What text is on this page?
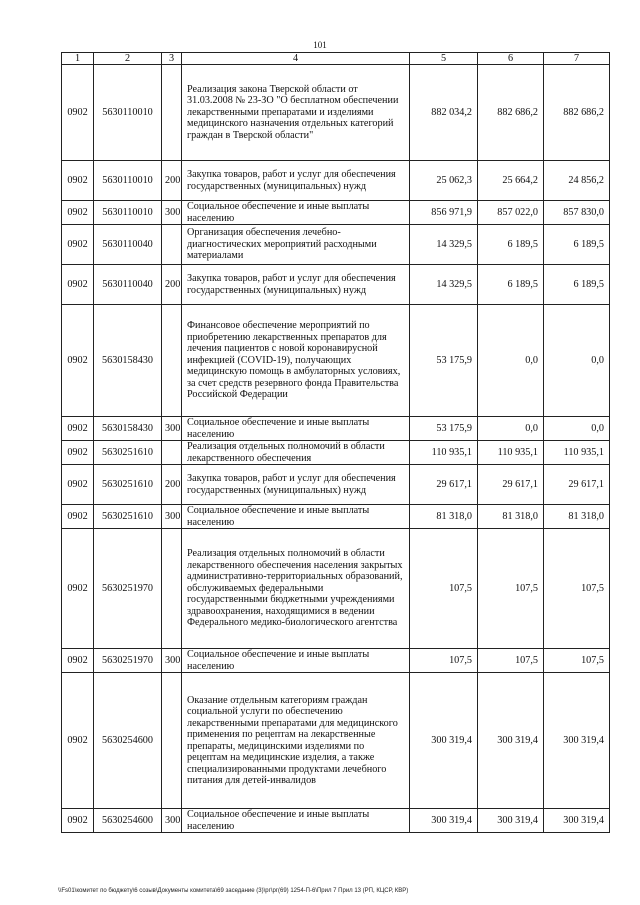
101
1	2	3	4	5	6	7
0902	5630110010		Реализация закона Тверской области от 31.03.2008 № 23-ЗО "О бесплатном обеспечении лекарственными препаратами и изделиями медицинского назначения отдельных категорий граждан в Тверской области"	882 034,2	882 686,2	882 686,2
0902	5630110010	200	Закупка товаров, работ и услуг для обеспечения государственных (муниципальных) нужд	25 062,3	25 664,2	24 856,2
0902	5630110010	300	Социальное обеспечение и иные выплаты населению	856 971,9	857 022,0	857 830,0
0902	5630110040		Организация обеспечения лечебно-диагностических мероприятий расходными материалами	14 329,5	6 189,5	6 189,5
0902	5630110040	200	Закупка товаров, работ и услуг для обеспечения государственных (муниципальных) нужд	14 329,5	6 189,5	6 189,5
0902	5630158430		Финансовое обеспечение мероприятий по приобретению лекарственных препаратов для лечения пациентов с новой коронавирусной инфекцией (COVID-19), получающих медицинскую помощь в амбулаторных условиях, за счет средств резервного фонда Правительства Российской Федерации	53 175,9	0,0	0,0
0902	5630158430	300	Социальное обеспечение и иные выплаты населению	53 175,9	0,0	0,0
0902	5630251610		Реализация отдельных полномочий в области лекарственного обеспечения	110 935,1	110 935,1	110 935,1
0902	5630251610	200	Закупка товаров, работ и услуг для обеспечения государственных (муниципальных) нужд	29 617,1	29 617,1	29 617,1
0902	5630251610	300	Социальное обеспечение и иные выплаты населению	81 318,0	81 318,0	81 318,0
0902	5630251970		Реализация отдельных полномочий в области лекарственного обеспечения населения закрытых административно-территориальных образований, обслуживаемых федеральными государственными бюджетными учреждениями здравоохранения, находящимися в ведении Федерального медико-биологического агентства	107,5	107,5	107,5
0902	5630251970	300	Социальное обеспечение и иные выплаты населению	107,5	107,5	107,5
0902	5630254600		Оказание отдельным категориям граждан социальной услуги по обеспечению лекарственными препаратами для медицинского применения по рецептам на лекарственные препараты, медицинскими изделиями по рецептам на медицинские изделия, а также специализированными продуктами лечебного питания для детей-инвалидов	300 319,4	300 319,4	300 319,4
0902	5630254600	300	Социальное обеспечение и иные выплаты населению	300 319,4	300 319,4	300 319,4
\\Fs01\комитет по бюджету\6 созыв\Документы комитета\69 заседание (3)\рг\рг(69) 1254-П-6\Прил 7 Прил 13 (РП, КЦСР, КВР)
